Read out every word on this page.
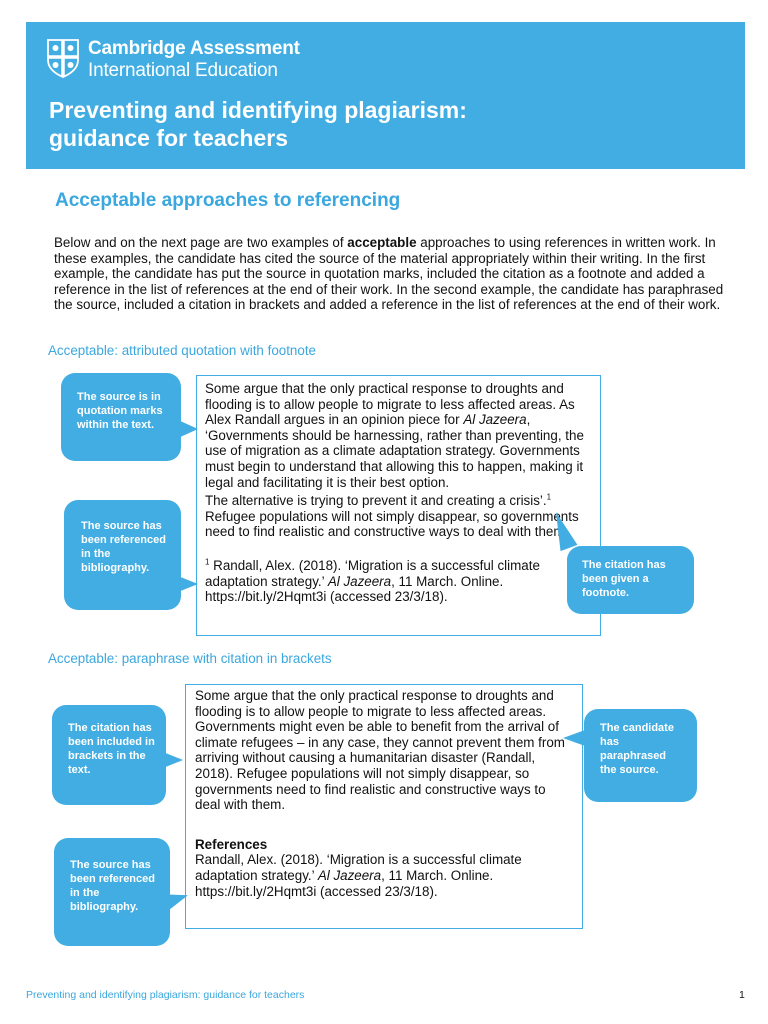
Cambridge Assessment
International Education
Preventing and identifying plagiarism:
guidance for teachers
Acceptable approaches to referencing
Below and on the next page are two examples of acceptable approaches to using references in written work. In these examples, the candidate has cited the source of the material appropriately within their writing. In the first example, the candidate has put the source in quotation marks, included the citation as a footnote and added a reference in the list of references at the end of their work. In the second example, the candidate has paraphrased the source, included a citation in brackets and added a reference in the list of references at the end of their work.
Acceptable: attributed quotation with footnote

Some argue that the only practical response to droughts and flooding is to allow people to migrate to less affected areas. As Alex Randall argues in an opinion piece for Al Jazeera, ‘Governments should be harnessing, rather than preventing, the use of migration as a climate adaptation strategy. Governments must begin to understand that allowing this to happen, making it legal and facilitating it is their best option.

The alternative is trying to prevent it and creating a crisis’.$^1$ Refugee populations will not simply disappear, so governments need to find realistic and constructive ways to deal with them.

$^1$ Randall, Alex. (2018). ‘Migration is a successful climate adaptation strategy.’ Al Jazeera, 11 March. Online. https://bit.ly/2Hqmt3i (accessed 23/3/18).

The source is in quotation marks within the text.
The source has been referenced in the bibliography.	The citation has been given a footnote.
Acceptable: paraphrase with citation in brackets

Some argue that the only practical response to droughts and flooding is to allow people to migrate to less affected areas. Governments might even be able to benefit from the arrival of climate refugees – in any case, they cannot prevent them from arriving without causing a humanitarian disaster (Randall, 2018). Refugee populations will not simply disappear, so governments need to find realistic and constructive ways to deal with them.

References

Randall, Alex. (2018). ‘Migration is a successful climate adaptation strategy.’ Al Jazeera, 11 March. Online. https://bit.ly/2Hqmt3i (accessed 23/3/18).

The citation has been included in brackets in the text.
The candidate has paraphrased the source.
The source has been referenced in the bibliography.
Preventing and identifying plagiarism: guidance for teachers	1
